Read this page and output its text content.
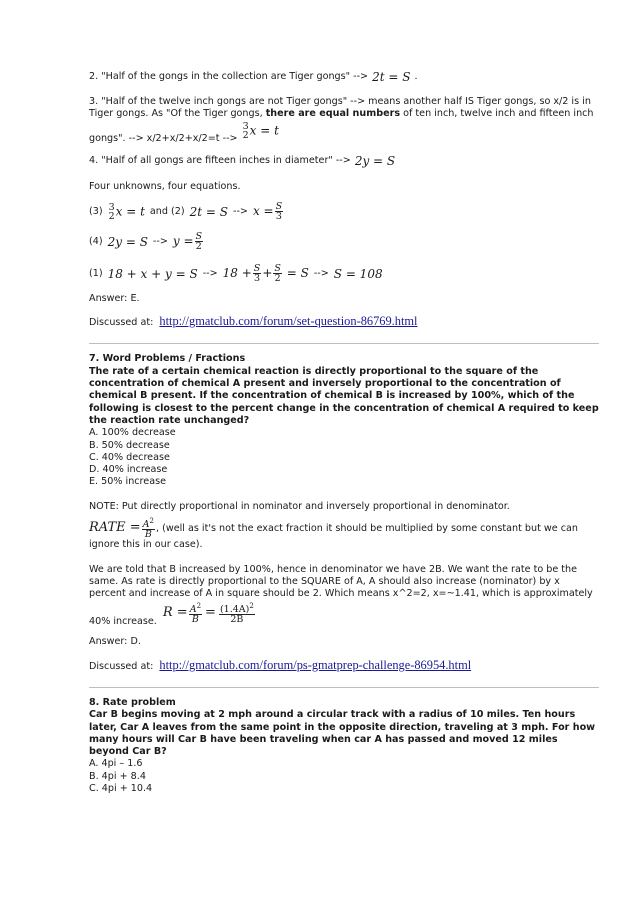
2. "Half of the gongs in the collection are Tiger gongs" --> 2t = S .
3. "Half of the twelve inch gongs are not Tiger gongs" --> means another half IS Tiger gongs, so x/2 is in Tiger gongs. As "Of the Tiger gongs, there are equal numbers of ten inch, twelve inch and fifteen inch
gongs". --> x/2+x/2+x/2=t -->
3
2 x = t
4. "Half of all gongs are fifteen inches in diameter" --> 2y = S

Four unknowns, four equations.

(3) 3
2 x = t and (2) 2t = S --> $x = \frac{S}{3}$
(4) 2y = S --> $y = \frac{S}{2}$
(1) 18 + x + y = S --> $18 + \frac{S}{3} + \frac{S}{2} = S$ --> S = 108

Answer: E.

Discussed at: http://gmatclub.com/forum/set-question-86769.html

7. Word Problems / Fractions

The rate of a certain chemical reaction is directly proportional to the square of the concentration of chemical A present and inversely proportional to the concentration of chemical B present. If the concentration of chemical B is increased by 100%, which of the following is closest to the percent change in the concentration of chemical A required to keep the reaction rate unchanged?

A. 100% decrease

B. 50% decrease

C. 40% decrease

D. 40% increase

E. 50% increase

NOTE: Put directly proportional in nominator and inversely proportional in denominator.

RATE = $\frac{A^2}{B}$ , (well as it's not the exact fraction it should be multiplied by some constant but we can ignore this in our case).

We are told that B increased by 100%, hence in denominator we have 2B. We want the rate to be the same. As rate is directly proportional to the SQUARE of A, A should also increase (nominator) by x percent and increase of A in square should be 2. Which means x^2=2, x=~1.41, which is approximately

40% increase.
$R = \frac{A^2}{B} = \frac{(1.4A)^2}{2B}$

Answer: D.

Discussed at: http://gmatclub.com/forum/ps-gmatprep-challenge-86954.html

8. Rate problem

Car B begins moving at 2 mph around a circular track with a radius of 10 miles. Ten hours later, Car A leaves from the same point in the opposite direction, traveling at 3 mph. For how many hours will Car B have been traveling when car A has passed and moved 12 miles beyond Car B?

A. 4pi – 1.6

B. 4pi + 8.4

C. 4pi + 10.4
